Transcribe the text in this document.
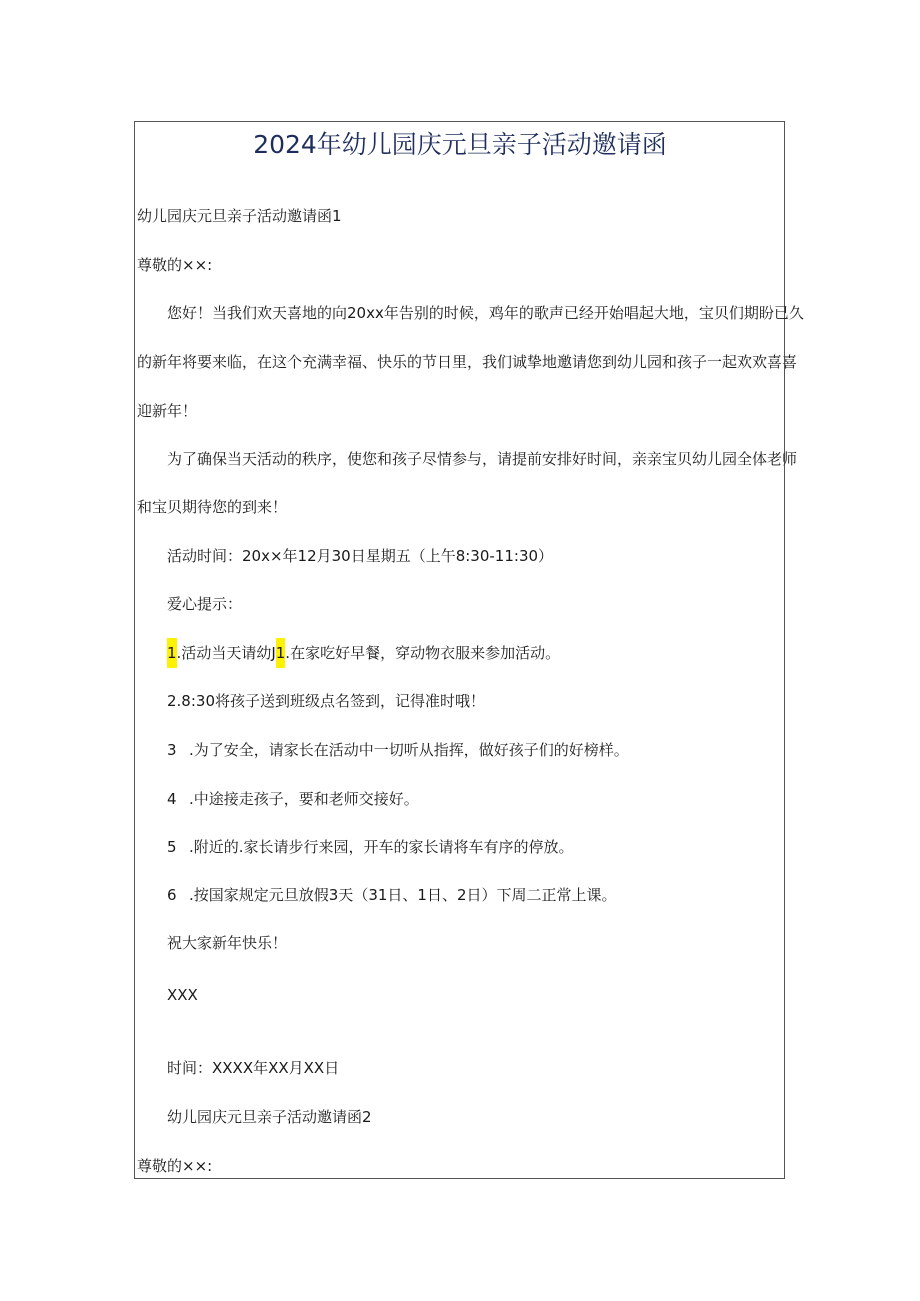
2024年幼儿园庆元旦亲子活动邀请函
幼儿园庆元旦亲子活动邀请函1
尊敬的××:
您好！当我们欢天喜地的向20xx年告别的时候，鸡年的歌声已经开始唱起大地，宝贝们期盼已久
的新年将要来临，在这个充满幸福、快乐的节日里，我们诚挚地邀请您到幼儿园和孩子一起欢欢喜喜
迎新年！
为了确保当天活动的秩序，使您和孩子尽情参与，请提前安排好时间，亲亲宝贝幼儿园全体老师
和宝贝期待您的到来！
活动时间：20x×年12月30日星期五（上午8:30-11:30）
爱心提示：
1.活动当天请幼J1.在家吃好早餐，穿动物衣服来参加活动。
2.8:30将孩子送到班级点名签到，记得准时哦！
3 .为了安全，请家长在活动中一切听从指挥，做好孩子们的好榜样。
4 .中途接走孩子，要和老师交接好。
5 .附近的.家长请步行来园，开车的家长请将车有序的停放。
6 .按国家规定元旦放假3天（31日、1日、2日）下周二正常上课。
祝大家新年快乐！
XXX
时间：XXXX年XX月XX日
幼儿园庆元旦亲子活动邀请函2
尊敬的××:
